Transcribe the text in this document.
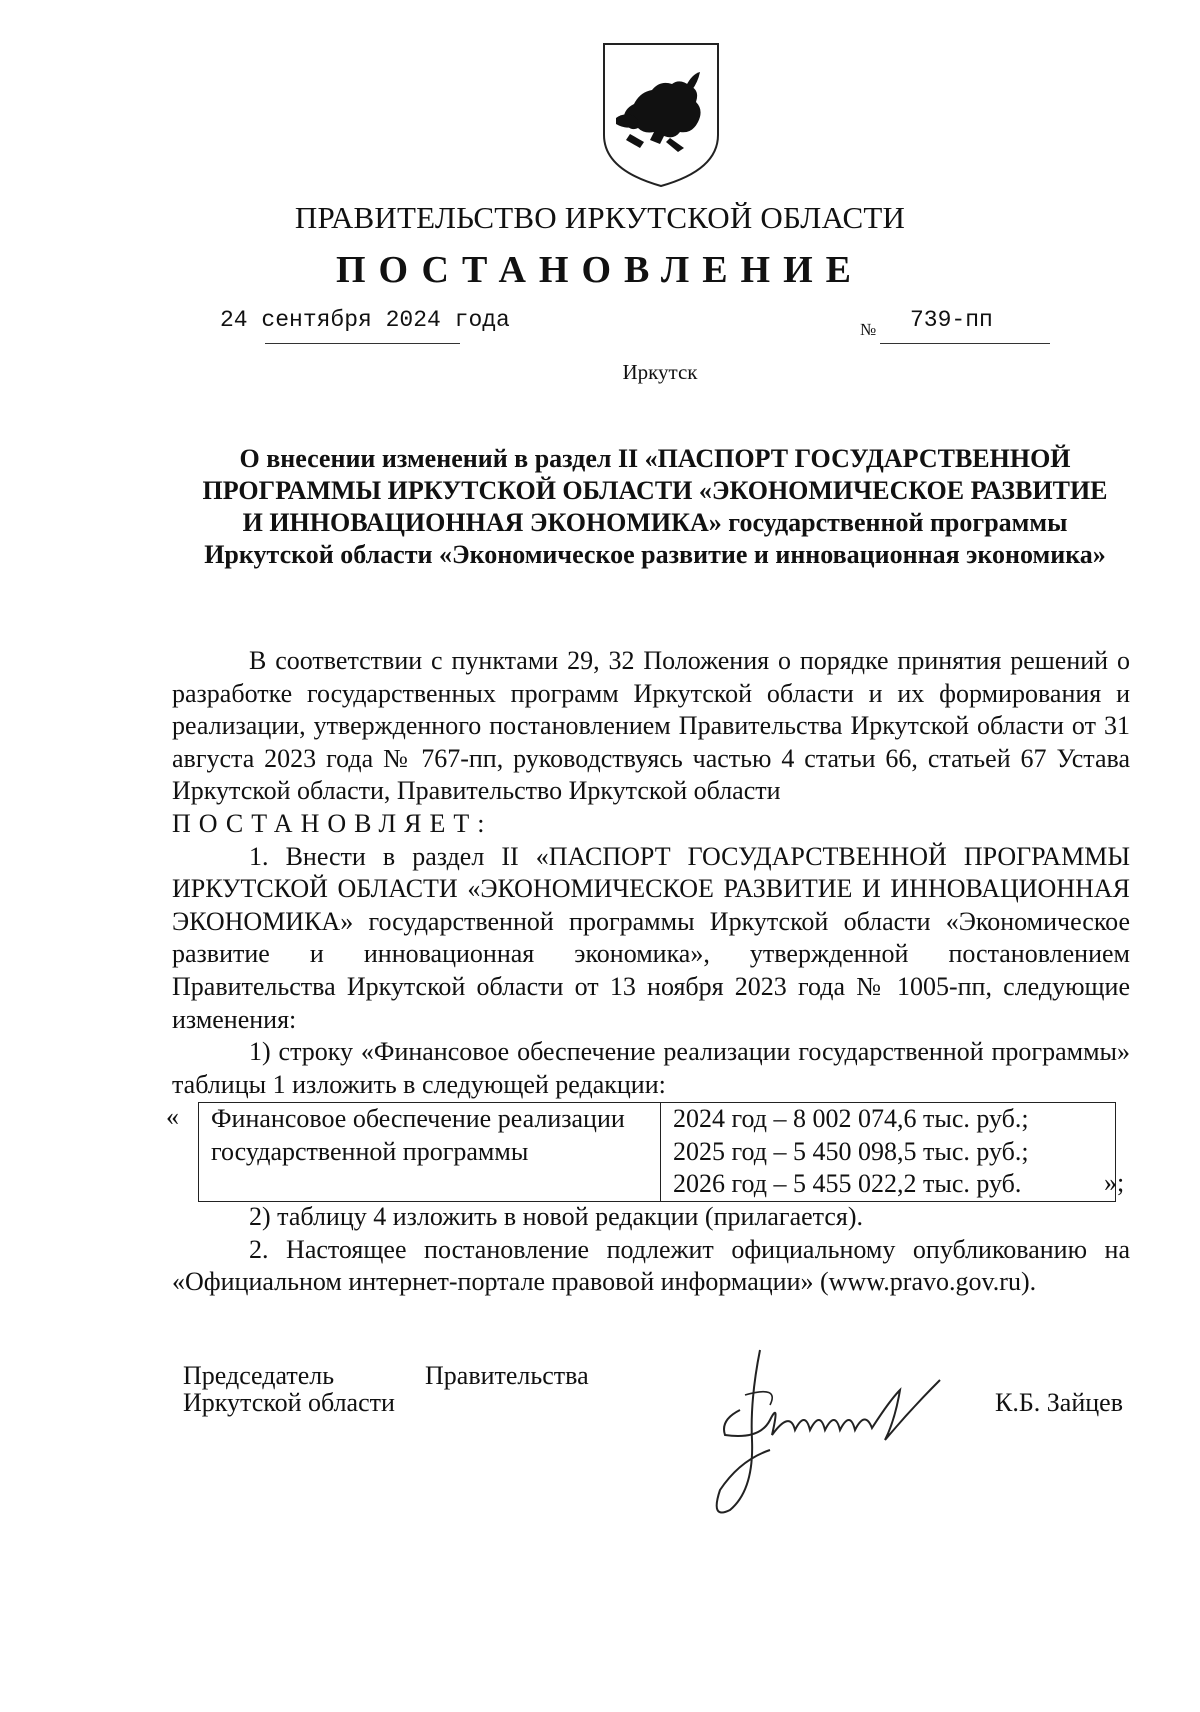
ПРАВИТЕЛЬСТВО ИРКУТСКОЙ ОБЛАСТИ
ПОСТАНОВЛЕНИЕ
24 сентября 2024 года	№ 739-пп
Иркутск
О внесении изменений в раздел II «ПАСПОРТ ГОСУДАРСТВЕННОЙ ПРОГРАММЫ ИРКУТСКОЙ ОБЛАСТИ «ЭКОНОМИЧЕСКОЕ РАЗВИТИЕ И ИННОВАЦИОННАЯ ЭКОНОМИКА» государственной программы Иркутской области «Экономическое развитие и инновационная экономика»

В соответствии с пунктами 29, 32 Положения о порядке принятия решений о разработке государственных программ Иркутской области и их формирования и реализации, утвержденного постановлением Правительства Иркутской области от 31 августа 2023 года № 767-пп, руководствуясь частью 4 статьи 66, статьей 67 Устава Иркутской области, Правительство Иркутской области

ПОСТАНОВЛЯЕТ:

1. Внести в раздел II «ПАСПОРТ ГОСУДАРСТВЕННОЙ ПРОГРАММЫ ИРКУТСКОЙ ОБЛАСТИ «ЭКОНОМИЧЕСКОЕ РАЗВИТИЕ И ИННОВАЦИОННАЯ ЭКОНОМИКА» государственной программы Иркутской области «Экономическое развитие и инновационная экономика», утвержденной постановлением Правительства Иркутской области от 13 ноября 2023 года № 1005-пп, следующие изменения:

1) строку «Финансовое обеспечение реализации государственной программы» таблицы 1 изложить в следующей редакции:

« Финансовое обеспечение реализации государственной программы	2024 год – 8 002 074,6 тыс. руб.;
2025 год – 5 450 098,5 тыс. руб.;
2026 год – 5 455 022,2 тыс. руб.	»;

2) таблицу 4 изложить в новой редакции (прилагается).

2. Настоящее постановление подлежит официальному опубликованию на «Официальном интернет-портале правовой информации» (www.pravo.gov.ru).

Председатель	Правительства
Иркутской области	К.Б. Зайцев
